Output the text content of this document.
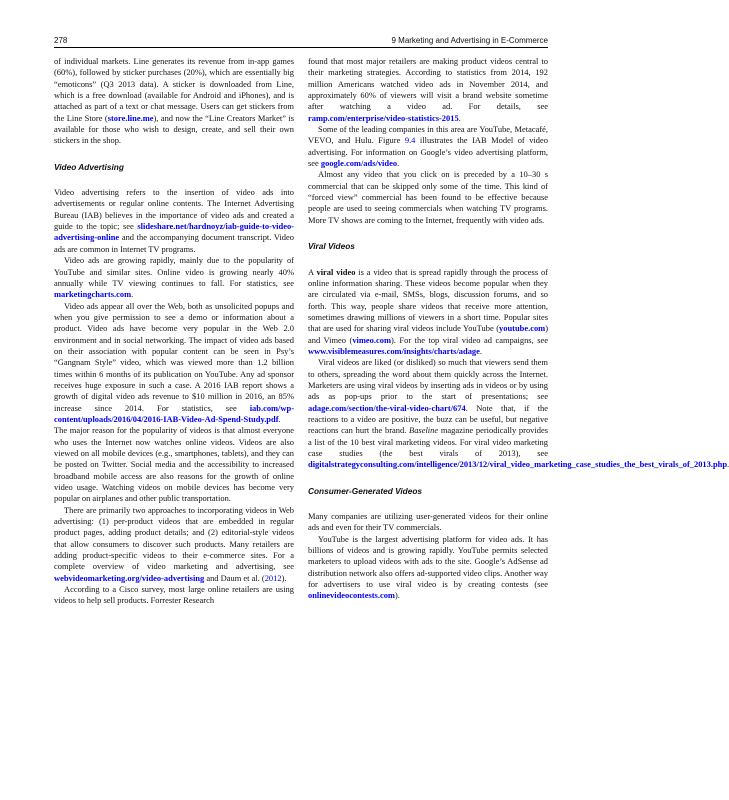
278	9 Marketing and Advertising in E-Commerce

of individual markets. Line generates its revenue from in-app games (60%), followed by sticker purchases (20%), which are essentially big “emoticons” (Q3 2013 data). A sticker is downloaded from Line, which is a free download (available for Android and iPhones), and is attached as part of a text or chat message. Users can get stickers from the Line Store (store.line.me), and now the “Line Creators Market” is available for those who wish to design, create, and sell their own stickers in the shop.

Video Advertising

Video advertising refers to the insertion of video ads into advertisements or regular online contents. The Internet Advertising Bureau (IAB) believes in the importance of video ads and created a guide to the topic; see slideshare.net/hardnoyz/iab-guide-to-video-advertising-online and the accompanying document transcript. Video ads are common in Internet TV programs.

Video ads are growing rapidly, mainly due to the popularity of YouTube and similar sites. Online video is growing nearly 40% annually while TV viewing continues to fall. For statistics, see marketingcharts.com.

Video ads appear all over the Web, both as unsolicited popups and when you give permission to see a demo or information about a product. Video ads have become very popular in the Web 2.0 environment and in social networking. The impact of video ads based on their association with popular content can be seen in Psy’s “Gangnam Style” video, which was viewed more than 1.2 billion times within 6 months of its publication on YouTube. Any ad sponsor receives huge exposure in such a case. A 2016 IAB report shows a growth of digital video ads revenue to $10 million in 2016, an 85% increase since 2014. For statistics, see iab.com/wp-content/uploads/2016/04/2016-IAB-Video-Ad-Spend-Study.pdf. The major reason for the popularity of videos is that almost everyone who uses the Internet now watches online videos. Videos are also viewed on all mobile devices (e.g., smartphones, tablets), and they can be posted on Twitter. Social media and the accessibility to increased broadband mobile access are also reasons for the growth of online video usage. Watching videos on mobile devices has become very popular on airplanes and other public transportation.

There are primarily two approaches to incorporating videos in Web advertising: (1) per-product videos that are embedded in regular product pages, adding product details; and (2) editorial-style videos that allow consumers to discover such products. Many retailers are adding product-specific videos to their e-commerce sites. For a complete overview of video marketing and advertising, see webvideomarketing.org/video-advertising and Daum et al. (2012).

According to a Cisco survey, most large online retailers are using videos to help sell products. Forrester Research

found that most major retailers are making product videos central to their marketing strategies. According to statistics from 2014, 192 million Americans watched video ads in November 2014, and approximately 60% of viewers will visit a brand website sometime after watching a video ad. For details, see ramp.com/enterprise/video-statistics-2015.

Some of the leading companies in this area are YouTube, Metacafé, VEVO, and Hulu. Figure 9.4 illustrates the IAB Model of video advertising. For information on Google’s video advertising platform, see google.com/ads/video.

Almost any video that you click on is preceded by a 10–30 s commercial that can be skipped only some of the time. This kind of “forced view” commercial has been found to be effective because people are used to seeing commercials when watching TV programs. More TV shows are coming to the Internet, frequently with video ads.

Viral Videos

A viral video is a video that is spread rapidly through the process of online information sharing. These videos become popular when they are circulated via e-mail, SMSs, blogs, discussion forums, and so forth. This way, people share videos that receive more attention, sometimes drawing millions of viewers in a short time. Popular sites that are used for sharing viral videos include YouTube (youtube.com) and Vimeo (vimeo.com). For the top viral video ad campaigns, see www.visiblemeasures.com/insights/charts/adage.

Viral videos are liked (or disliked) so much that viewers send them to others, spreading the word about them quickly across the Internet. Marketers are using viral videos by inserting ads in videos or by using ads as pop-ups prior to the start of presentations; see adage.com/section/the-viral-video-chart/674. Note that, if the reactions to a video are positive, the buzz can be useful, but negative reactions can hurt the brand. Baseline magazine periodically provides a list of the 10 best viral marketing videos. For viral video marketing case studies (the best virals of 2013), see digitalstrategyconsulting.com/intelligence/2013/12/viral_video_marketing_case_studies_the_best_virals_of_2013.php.

Consumer-Generated Videos

Many companies are utilizing user-generated videos for their online ads and even for their TV commercials.

YouTube is the largest advertising platform for video ads. It has billions of videos and is growing rapidly. YouTube permits selected marketers to upload videos with ads to the site. Google’s AdSense ad distribution network also offers ad-supported video clips. Another way for advertisers to use viral video is by creating contests (see onlinevideocontests.com).
